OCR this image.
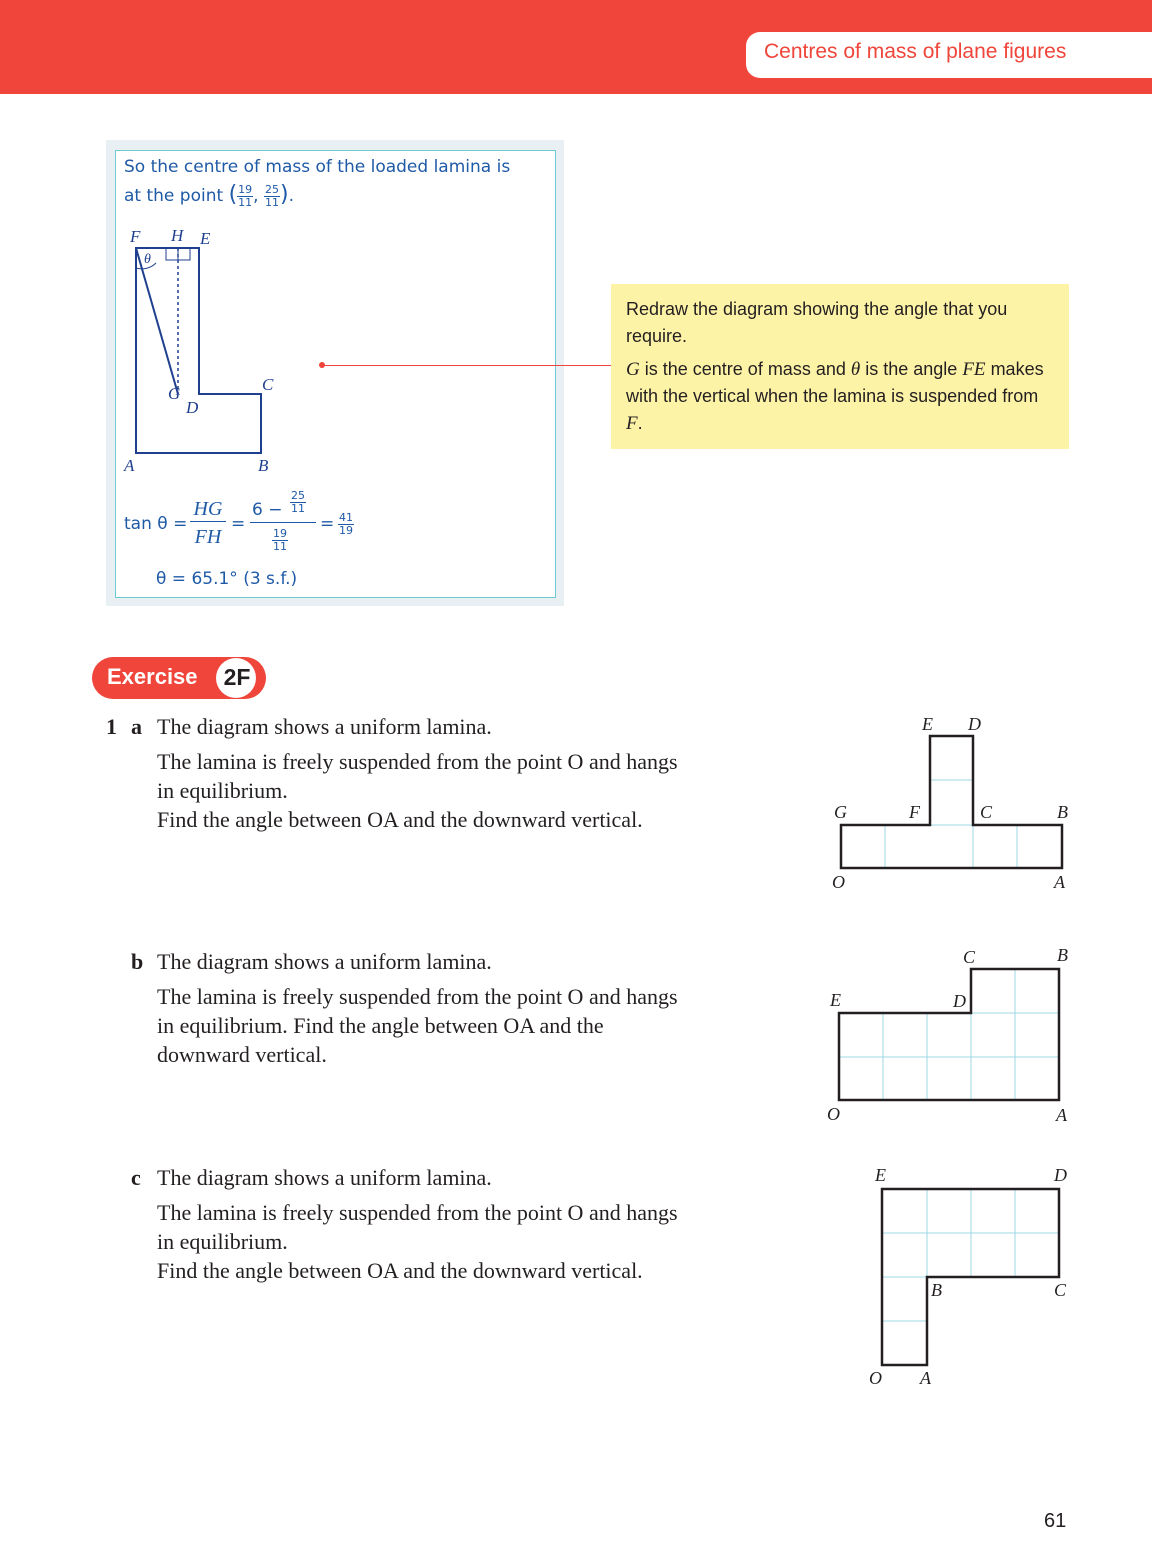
Centres of mass of plane figures
So the centre of mass of the loaded lamina is
at the point ( $\frac{19}{11}$ , $\frac{25}{11}$ ).
F H E
θ
G
D
C
A	B
tan θ =
HG
FH
=
$6 - \frac{25}{11}$
$\frac{19}{11}$
= $\frac{41}{19}$
θ = 65.1° (3 s.f.)
Redraw the diagram showing the angle that you require.
G is the centre of mass and θ is the angle FE makes with the vertical when the lamina is suspended from F.
Exercise	2F
1 a The diagram shows a uniform lamina.
The lamina is freely suspended from the point O and hangs
in equilibrium.
Find the angle between OA and the downward vertical.
E D
G	F	C	B
O	A
b The diagram shows a uniform lamina.
The lamina is freely suspended from the point O and hangs
in equilibrium. Find the angle between OA and the
downward vertical.
C	B
E	D
O	A
c The diagram shows a uniform lamina.
The lamina is freely suspended from the point O and hangs
in equilibrium.
Find the angle between OA and the downward vertical.
E	D
B	C
O A
61
